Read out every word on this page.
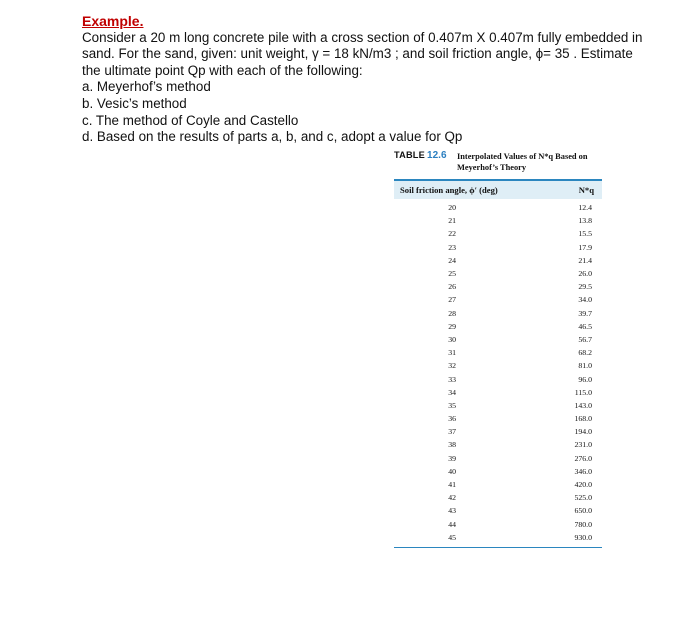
Example.
Consider a 20 m long concrete pile with a cross section of 0.407m X 0.407m fully embedded in
sand. For the sand, given: unit weight, γ = 18 kN/m3 ; and soil friction angle, ϕ= 35 . Estimate
the ultimate point Qp with each of the following:
a. Meyerhof’s method
b. Vesic’s method
c. The method of Coyle and Castello
d. Based on the results of parts a, b, and c, adopt a value for Qp
TABLE 12.6 Interpolated Values of N*q Based on
Meyerhof’s Theory
Soil friction angle, ϕ′ (deg)	N*q
20	12.4
21	13.8
22	15.5
23	17.9
24	21.4
25	26.0
26	29.5
27	34.0
28	39.7
29	46.5
30	56.7
31	68.2
32	81.0
33	96.0
34	115.0
35	143.0
36	168.0
37	194.0
38	231.0
39	276.0
40	346.0
41	420.0
42	525.0
43	650.0
44	780.0
45	930.0
